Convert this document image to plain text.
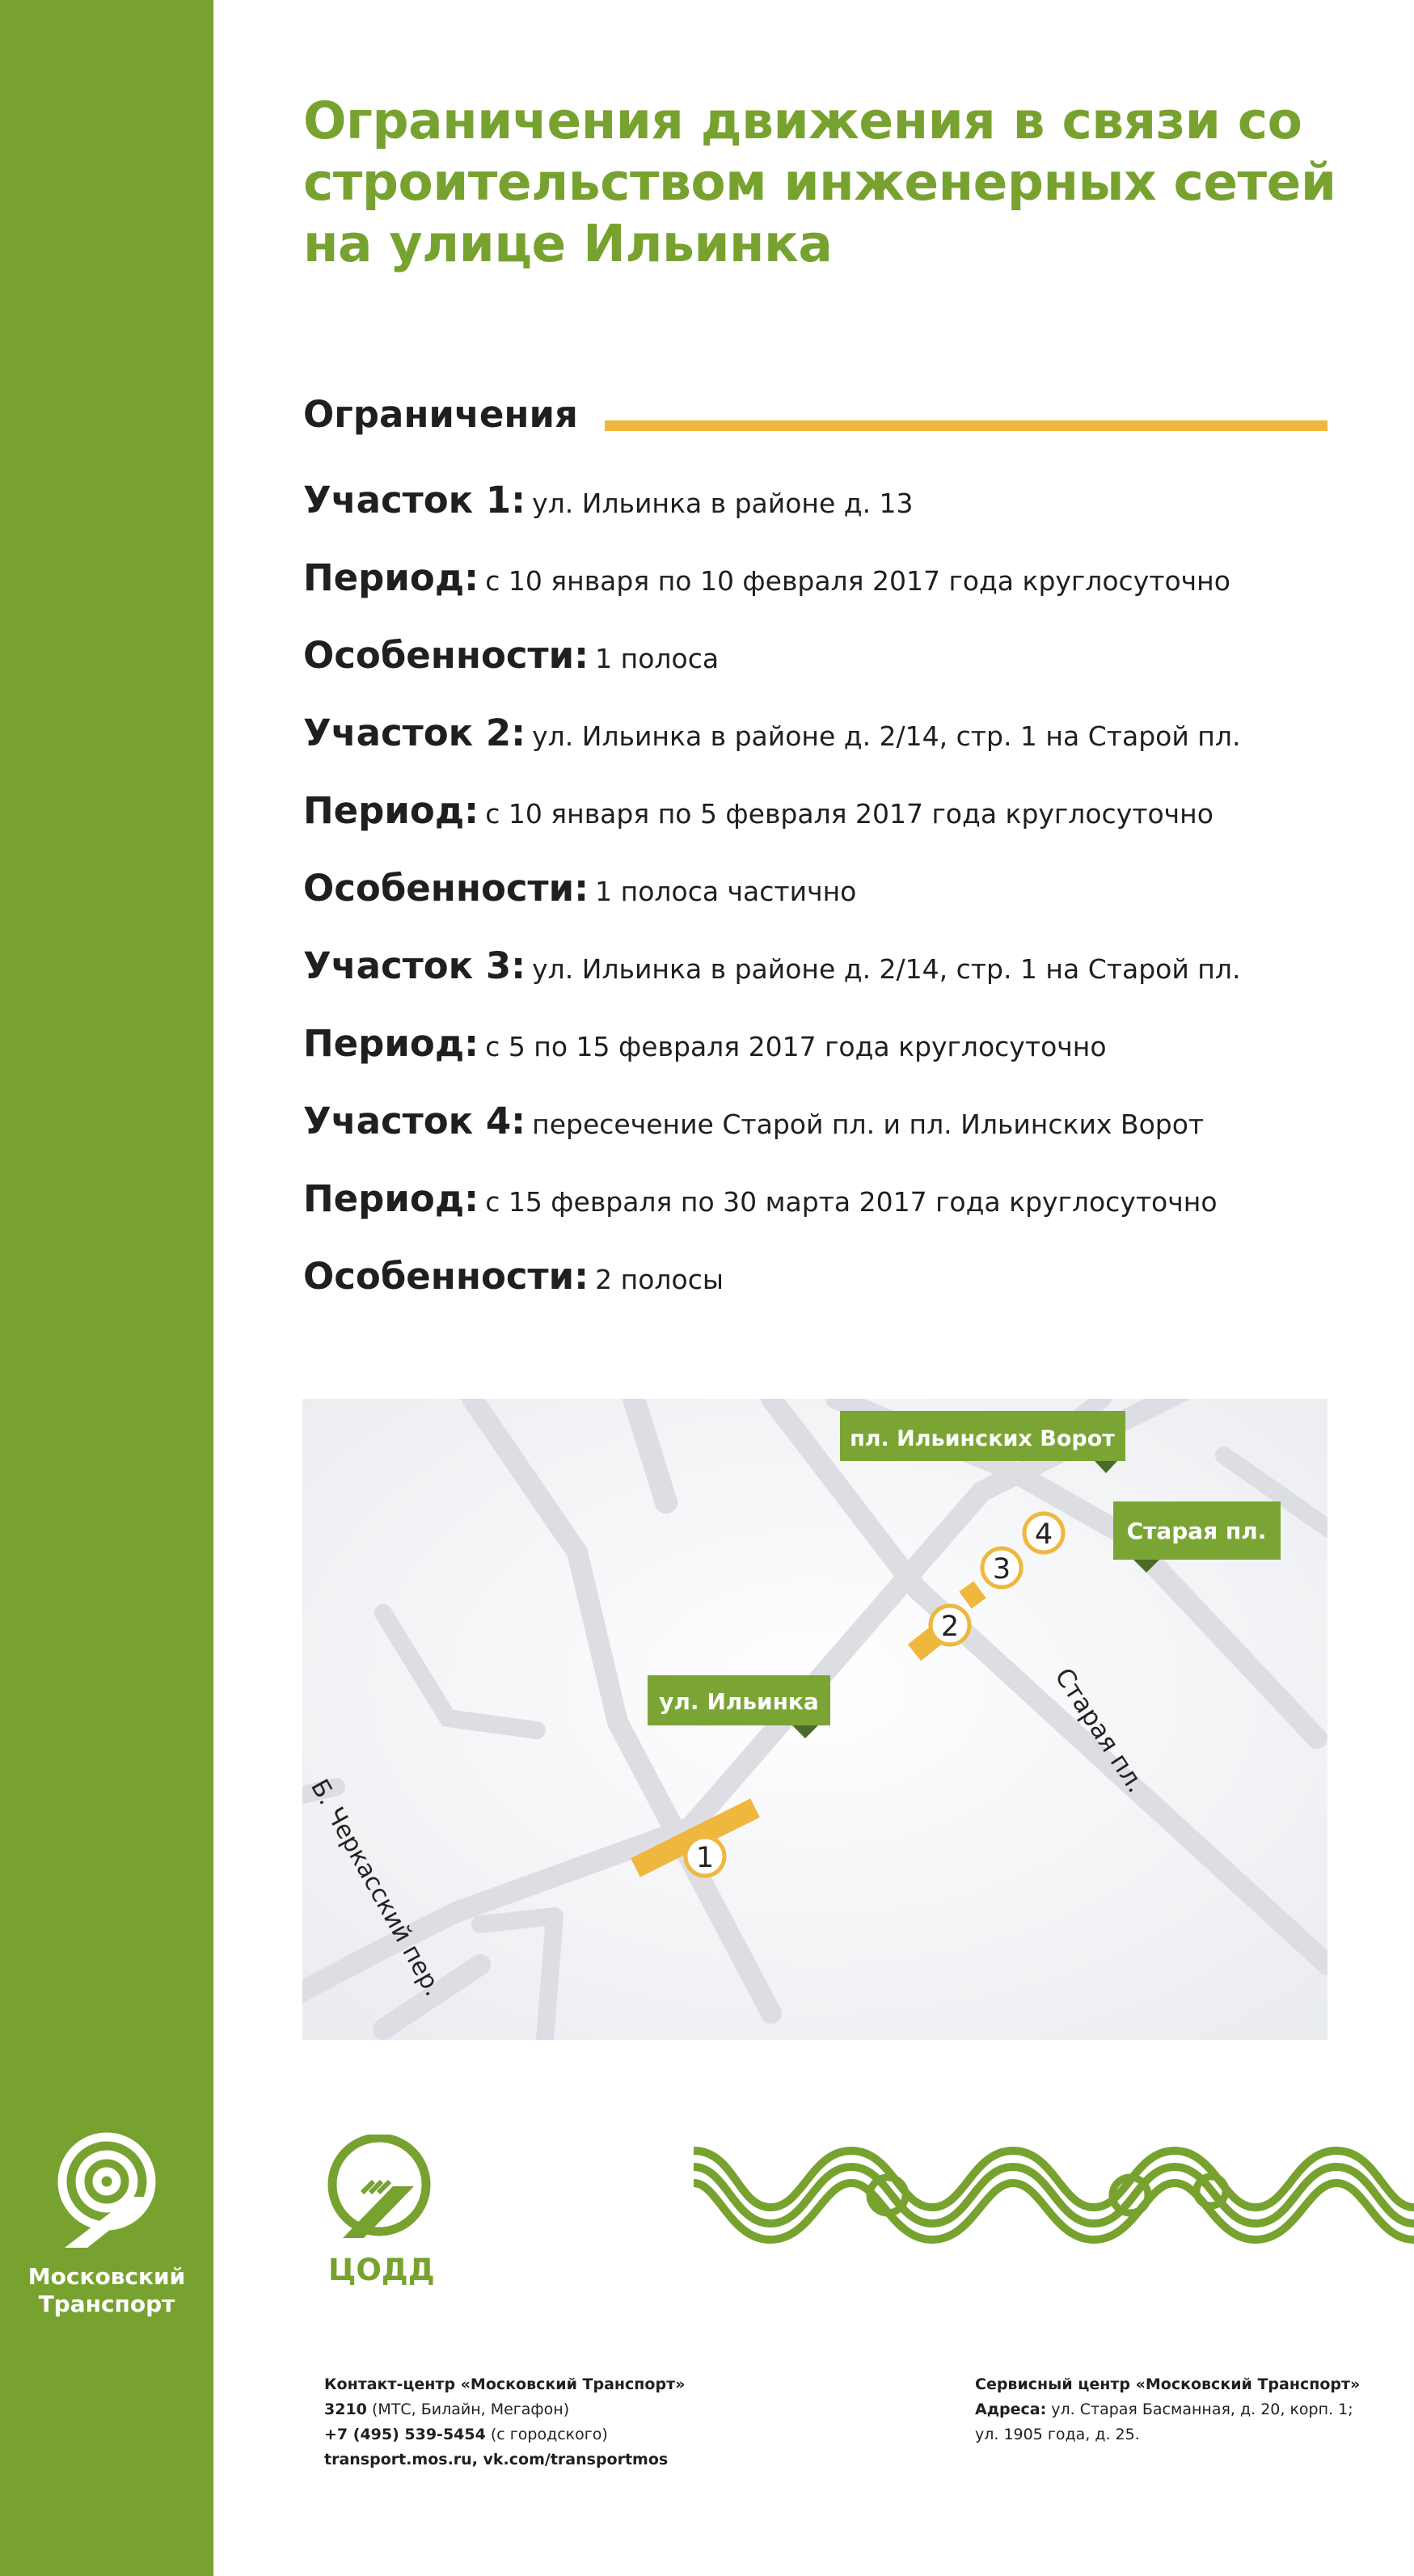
Ограничения движения в связи со строительством инженерных сетей на улице Ильинка
Ограничения
Участок 1: ул. Ильинка в районе д. 13
Период: с 10 января по 10 февраля 2017 года круглосуточно
Особенности: 1 полоса
Участок 2: ул. Ильинка в районе д. 2/14, стр. 1 на Старой пл.
Период: с 10 января по 5 февраля 2017 года круглосуточно
Особенности: 1 полоса частично
Участок 3: ул. Ильинка в районе д. 2/14, стр. 1 на Старой пл.
Период: с 5 по 15 февраля 2017 года круглосуточно
Участок 4: пересечение Старой пл. и пл. Ильинских Ворот
Период: с 15 февраля по 30 марта 2017 года круглосуточно
Особенности: 2 полосы
1
2
3
4
пл. Ильинских Ворот
Старая пл.
ул. Ильинка	Старая пл.
Б. Черкасский пер.
Московский
Транспорт
ЦОДД
Контакт-центр «Московский Транспорт»
3210 (МТС, Билайн, Мегафон)
+7 (495) 539-5454 (с городского)
transport.mos.ru, vk.com/transportmos
Сервисный центр «Московский Транспорт»
Адреса: ул. Старая Басманная, д. 20, корп. 1;
ул. 1905 года, д. 25.
